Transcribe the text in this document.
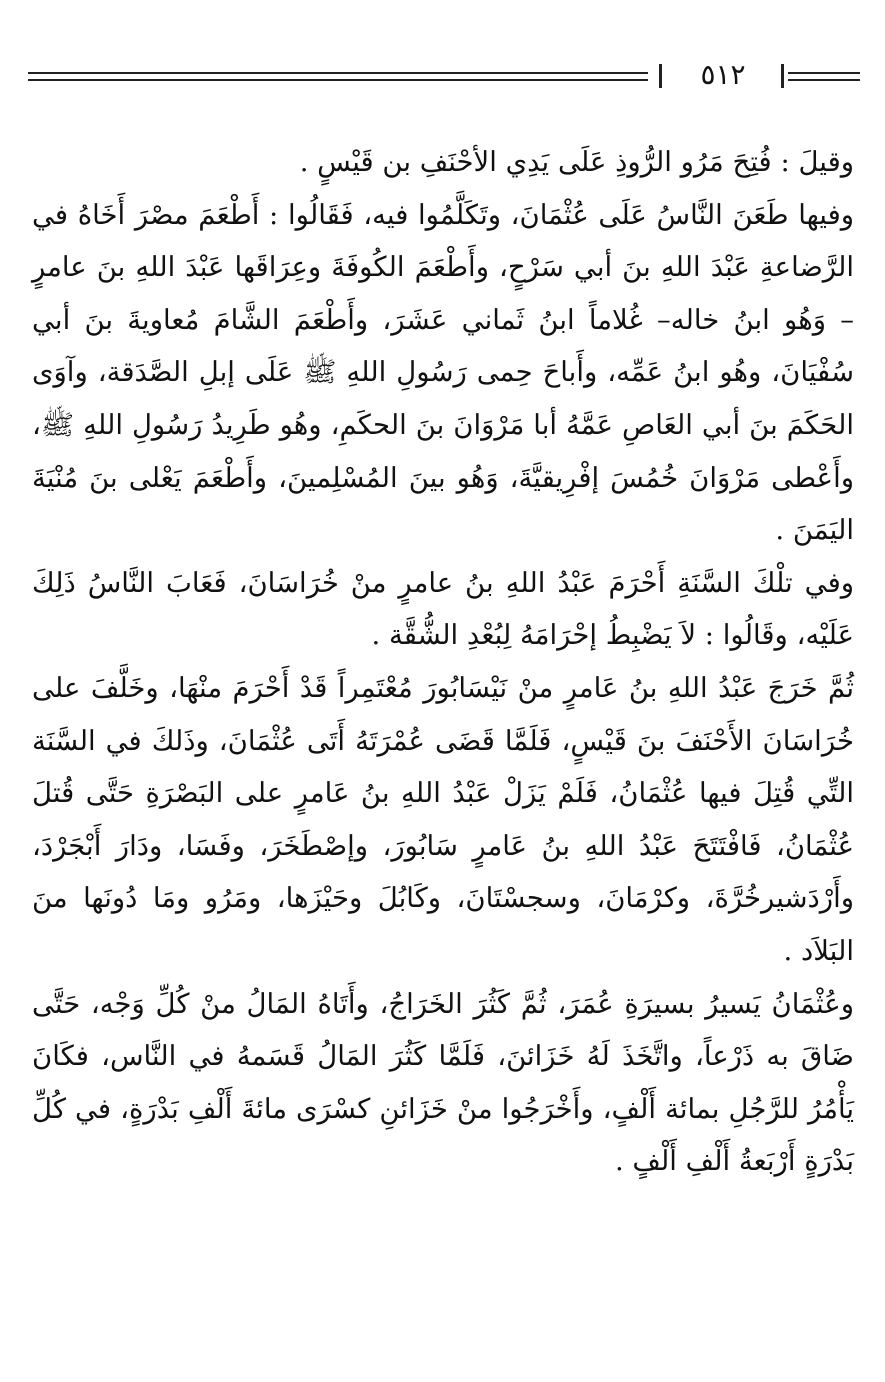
٥١٢

وقيلَ : فُتِحَ مَرُو الرُّوذِ عَلَى يَدِي الأحْنَفِ بن قَيْسٍ .

وفيها طَعَنَ النَّاسُ عَلَى عُثْمَانَ، وتَكَلَّمُوا فيه، فَقَالُوا : أَطْعَمَ مصْرَ أَخَاهُ في الرَّضاعةِ عَبْدَ اللهِ بنَ أبي سَرْحٍ، وأَطْعَمَ الكُوفَةَ وعِرَاقَها عَبْدَ اللهِ بنَ عامرٍ – وَهُو ابنُ خاله– غُلاماً ابنُ ثَماني عَشَرَ، وأَطْعَمَ الشَّامَ مُعاويةَ بنَ أبي سُفْيَانَ، وهُو ابنُ عَمِّه، وأَباحَ حِمى رَسُولِ اللهِ ﷺ عَلَى إبلِ الصَّدَقة، وآوَى الحَكَمَ بنَ أبي العَاصِ عَمَّهُ أبا مَرْوَانَ بنَ الحكَمِ، وهُو طَرِيدُ رَسُولِ اللهِ ﷺ، وأَعْطى مَرْوَانَ خُمُسَ إفْرِيقيَّةَ، وَهُو بينَ المُسْلِمينَ، وأَطْعَمَ يَعْلى بنَ مُنْيَةَ اليَمَنَ .

وفي تلْكَ السَّنَةِ أَحْرَمَ عَبْدُ اللهِ بنُ عامرٍ منْ خُرَاسَانَ، فَعَابَ النَّاسُ ذَلِكَ عَلَيْه، وقَالُوا : لاَ يَضْبِطُ إحْرَامَهُ لِبُعْدِ الشُّقَّة .

ثُمَّ خَرَجَ عَبْدُ اللهِ بنُ عَامرٍ منْ نَيْسَابُورَ مُعْتَمِراً قَدْ أَحْرَمَ منْهَا، وخَلَّفَ على خُرَاسَانَ الأَحْنَفَ بنَ قَيْسٍ، فَلَمَّا قَضَى عُمْرَتَهُ أَتَى عُثْمَانَ، وذَلكَ في السَّنَة التِّي قُتِلَ فيها عُثْمَانُ، فَلَمْ يَزَلْ عَبْدُ اللهِ بنُ عَامرٍ على البَصْرَةِ حَتَّى قُتلَ عُثْمَانُ، فَافْتَتَحَ عَبْدُ اللهِ بنُ عَامرٍ سَابُورَ، وإصْطَخَرَ، وفَسَا، ودَارَ أَبْجَرْدَ، وأَرْدَشيرخُرَّةَ، وكرْمَانَ، وسجسْتَانَ، وكَابُلَ وحَيْزَها، ومَرُو ومَا دُونَها منَ البَلاَد .

وعُثْمَانُ يَسيرُ بسيرَةِ عُمَرَ، ثُمَّ كَثُرَ الخَرَاجُ، وأَتَاهُ المَالُ منْ كُلِّ وَجْه، حَتَّى ضَاقَ به ذَرْعاً، واتَّخَذَ لَهُ خَزَائنَ، فَلَمَّا كَثُرَ المَالُ قَسَمهُ في النَّاس، فكَانَ يَأْمُرُ للرَّجُلِ بمائة أَلْفٍ، وأَخْرَجُوا منْ خَزَائنِ كسْرَى مائةَ أَلْفِ بَدْرَةٍ، في كُلِّ بَدْرَةٍ أَرْبَعةُ أَلْفِ أَلْفٍ .
